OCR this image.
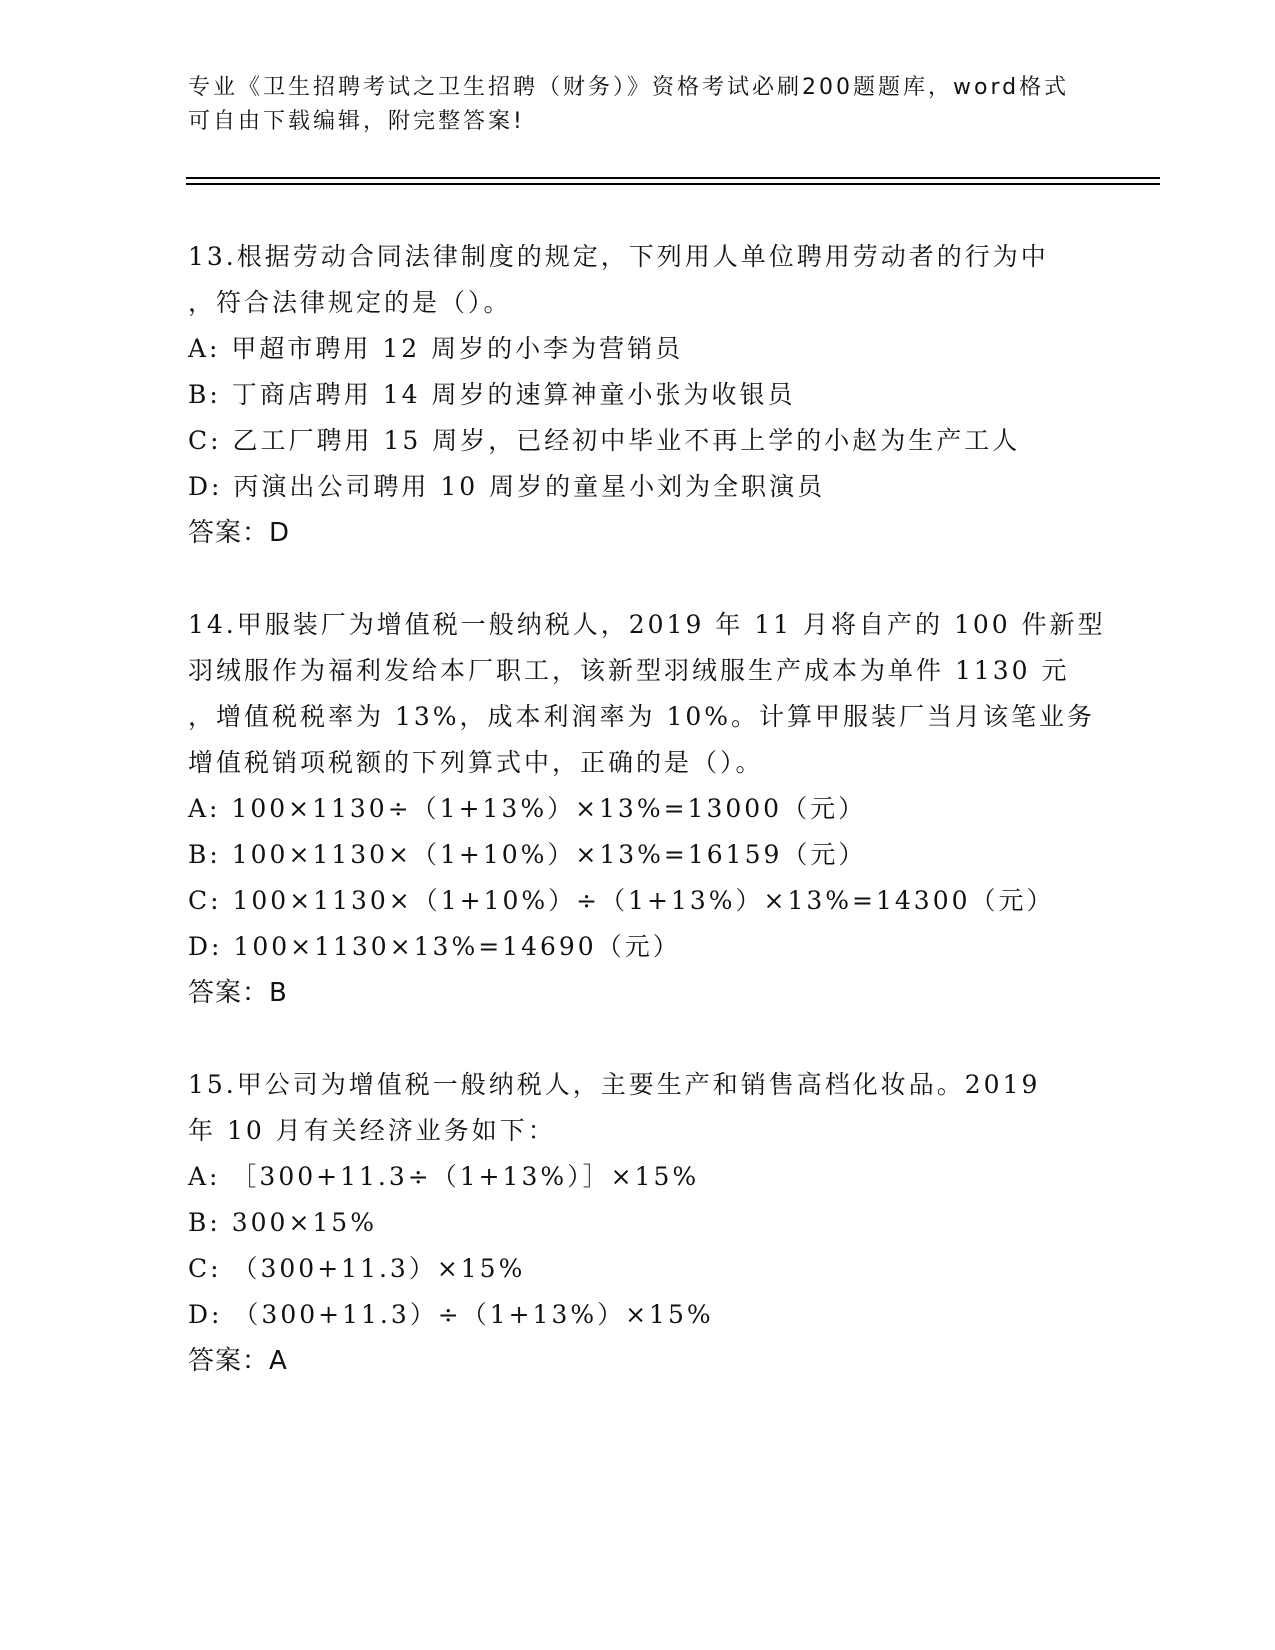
专业《卫生招聘考试之卫生招聘（财务）》资格考试必刷200题题库，word格式
可自由下载编辑，附完整答案!
13.根据劳动合同法律制度的规定，下列用人单位聘用劳动者的行为中
，符合法律规定的是（）。
A: 甲超市聘用 12 周岁的小李为营销员
B: 丁商店聘用 14 周岁的速算神童小张为收银员
C: 乙工厂聘用 15 周岁，已经初中毕业不再上学的小赵为生产工人
D: 丙演出公司聘用 10 周岁的童星小刘为全职演员
答案：D
14.甲服装厂为增值税一般纳税人，2019 年 11 月将自产的 100 件新型
羽绒服作为福利发给本厂职工，该新型羽绒服生产成本为单件 1130 元
，增值税税率为 13%，成本利润率为 10%。计算甲服装厂当月该笔业务
增值税销项税额的下列算式中，正确的是（）。
A: 100×1130÷（1+13%）×13%=13000（元）
B: 100×1130×（1+10%）×13%=16159（元）
C: 100×1130×（1+10%）÷（1+13%）×13%=14300（元）
D: 100×1130×13%=14690（元）
答案：B
15.甲公司为增值税一般纳税人，主要生产和销售高档化妆品。2019
年 10 月有关经济业务如下：
A: ［300+11.3÷（1+13%）］×15%
B: 300×15%
C: （300+11.3）×15%
D: （300+11.3）÷（1+13%）×15%
答案：A
